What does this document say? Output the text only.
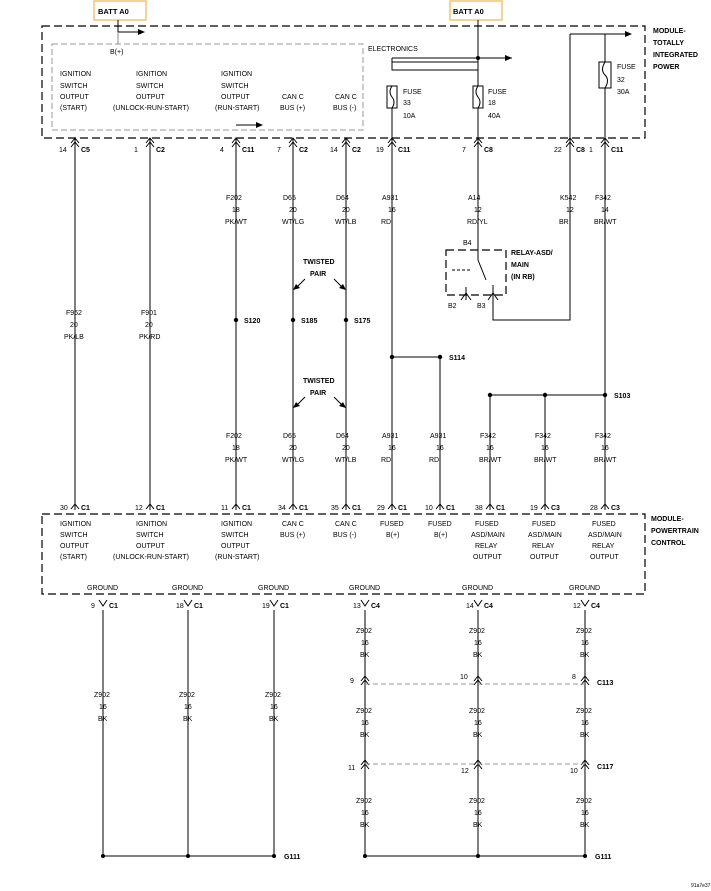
BATT A0	BATT A0
ELECTRONICS
MODULE-
TOTALLY
INTEGRATED
POWER
B(+)
IGNITION
SWITCH
OUTPUT
(START)
IGNITION
SWITCH
OUTPUT
(UNLOCK-RUN-START)
IGNITION
SWITCH
OUTPUT
(RUN-START)
CAN C
BUS (+)
CAN C
BUS (-)
FUSE
33
10A
FUSE
18
40A
FUSE
32
30A
14 C5	1	C2	4	C11	7	C2	14 C2 19 C11	7	C8	22 C8 1	C11
F202
18
PK/WT
D65
20
WT/LG
D64
20
WT/LB
A931
16
RD
A14
12
RD/YL
K542
12
BR
F342
14
BR/WT
F962
20
PK/LB
F901
20
PK/RD
TWISTED
PAIR
TWISTED
PAIR
S120	S185	S175
S114
S103
B4
B2	B3
RELAY-ASD/
MAIN
(IN RB)
F202
18
PK/WT
D65
20
WT/LG
D64
20
WT/LB
A931
16
RD
A931
16
RD
F342
16
BR/WT
F342
16
BR/WT
F342
16
BR/WT
MODULE-
POWERTRAIN
CONTROL
30 C1	12 C1	11 C1	34 C1	35 C1 29 C1	10 C1	38 C1	19 C3	28 C3
IGNITION
SWITCH
OUTPUT
(START)
IGNITION
SWITCH
OUTPUT
(UNLOCK-RUN-START)
IGNITION
SWITCH
OUTPUT
(RUN-START)
CAN C
BUS (+)
CAN C
BUS (-)
FUSED
B(+)
FUSED
B(+)
FUSED
ASD/MAIN
RELAY
OUTPUT
FUSED
ASD/MAIN
RELAY
OUTPUT
FUSED
ASD/MAIN
RELAY
OUTPUT
GROUND
9 C1
GROUND
18 C1
GROUND
19 C1
GROUND
13 C4
GROUND
14 C4
GROUND
12 C4
Z902
16
BK
Z902
16
BK
Z902
16
BK
Z902
16
BK
Z902
16
BK
Z902
16
BK
Z902
16
BK
Z902
16
BK
Z902
16
BK
Z902
16
BK
Z902
16
BK
Z902
16
BK
9
10	8
C113
11	12	10
C117
G111	G111
91a7e37
